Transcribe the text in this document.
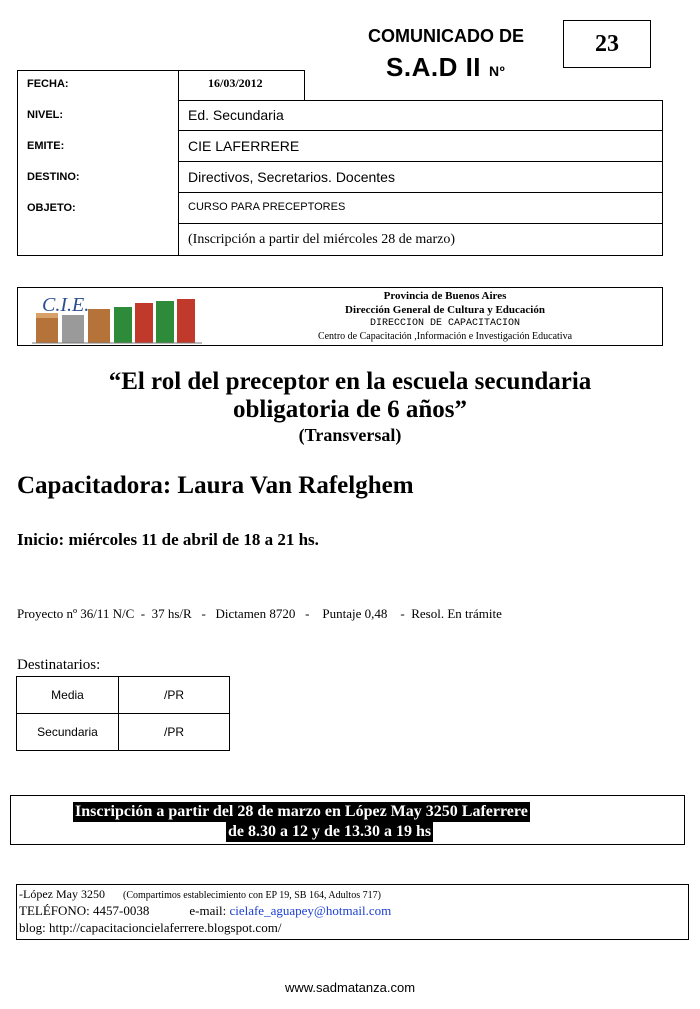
COMUNICADO DE
S.A.D II Nº
23
FECHA:	16/03/2012
NIVEL:	Ed. Secundaria
EMITE:	CIE LAFERRERE
DESTINO:	Directivos, Secretarios. Docentes
OBJETO:	CURSO PARA PRECEPTORES
(Inscripción a partir del miércoles 28 de marzo)
C.I.E.	Provincia de Buenos Aires
Dirección General de Cultura y Educación
DIRECCION DE CAPACITACION
Centro de Capacitación ,Información e Investigación Educativa
“El rol del preceptor en la escuela secundaria
obligatoria de 6 años”
(Transversal)
Capacitadora: Laura Van Rafelghem
Inicio: miércoles 11 de abril de 18 a 21 hs.
Proyecto nº 36/11 N/C  -  37 hs/R   -   Dictamen 8720   -    Puntaje 0,48    -  Resol. En trámite
Destinatarios:
Media	/PR
Secundaria	/PR
Inscripción a partir del 28 de marzo en López May 3250 Laferrere
de 8.30 a 12 y de 13.30 a 19 hs
-López May 3250 (Compartimos establecimiento con EP 19, SB 164, Adultos 717)
TELÉFONO: 4457-0038	e-mail: cielafe_aguapey@hotmail.com
blog: http://capacitacioncielaferrere.blogspot.com/
www.sadmatanza.com
